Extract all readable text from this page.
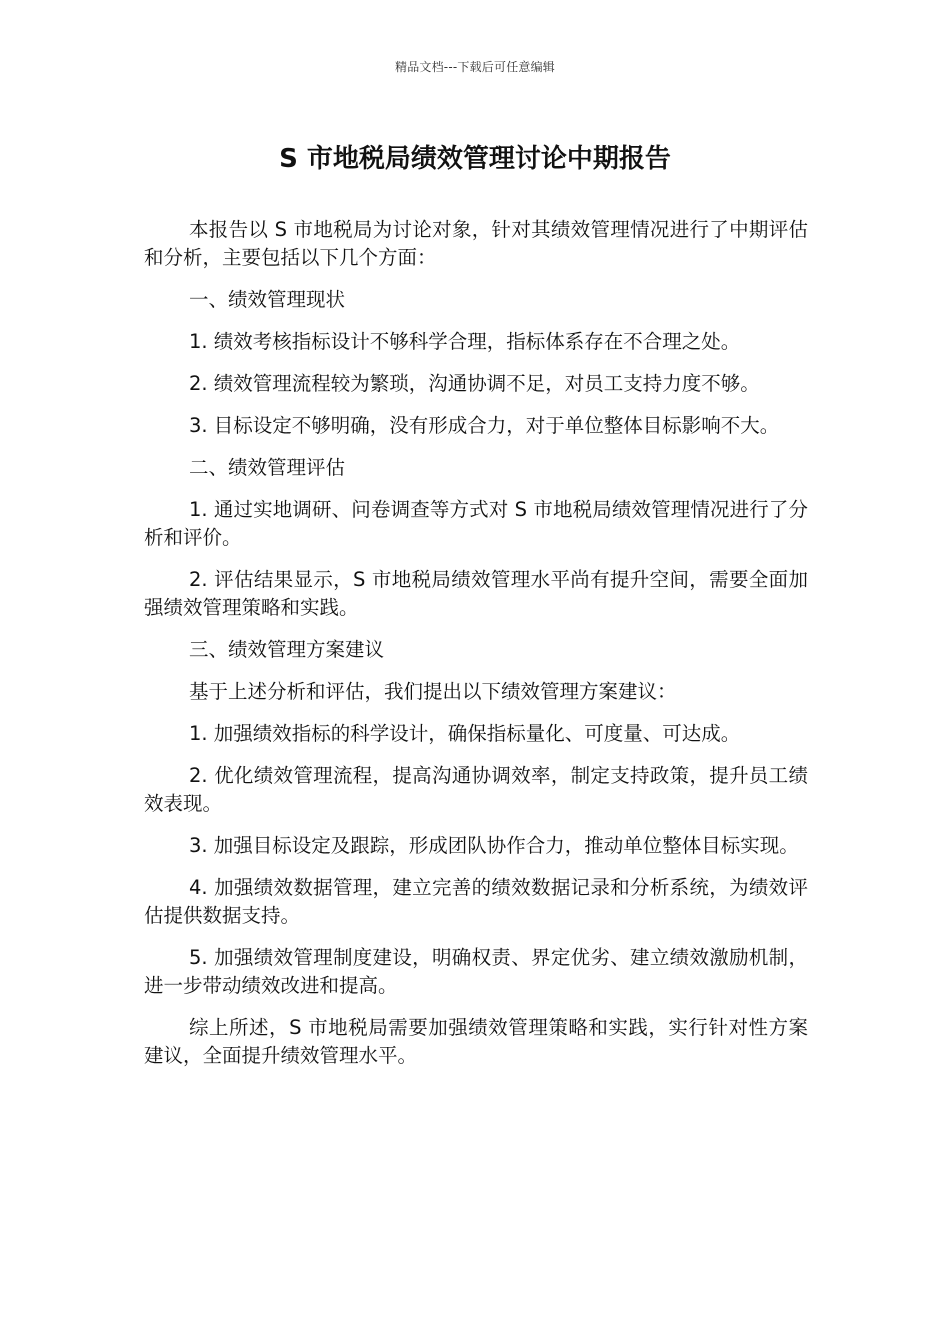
精品文档---下载后可任意编辑
S 市地税局绩效管理讨论中期报告

本报告以 S 市地税局为讨论对象，针对其绩效管理情况进行了中期评估和分析，主要包括以下几个方面：

一、绩效管理现状

1. 绩效考核指标设计不够科学合理，指标体系存在不合理之处。

2. 绩效管理流程较为繁琐，沟通协调不足，对员工支持力度不够。

3. 目标设定不够明确，没有形成合力，对于单位整体目标影响不大。

二、绩效管理评估

1. 通过实地调研、问卷调查等方式对 S 市地税局绩效管理情况进行了分析和评价。

2. 评估结果显示，S 市地税局绩效管理水平尚有提升空间，需要全面加强绩效管理策略和实践。

三、绩效管理方案建议

基于上述分析和评估，我们提出以下绩效管理方案建议：

1. 加强绩效指标的科学设计，确保指标量化、可度量、可达成。

2. 优化绩效管理流程，提高沟通协调效率，制定支持政策，提升员工绩效表现。

3. 加强目标设定及跟踪，形成团队协作合力，推动单位整体目标实现。

4. 加强绩效数据管理，建立完善的绩效数据记录和分析系统，为绩效评估提供数据支持。

5. 加强绩效管理制度建设，明确权责、界定优劣、建立绩效激励机制，进一步带动绩效改进和提高。

综上所述，S 市地税局需要加强绩效管理策略和实践，实行针对性方案建议，全面提升绩效管理水平。
